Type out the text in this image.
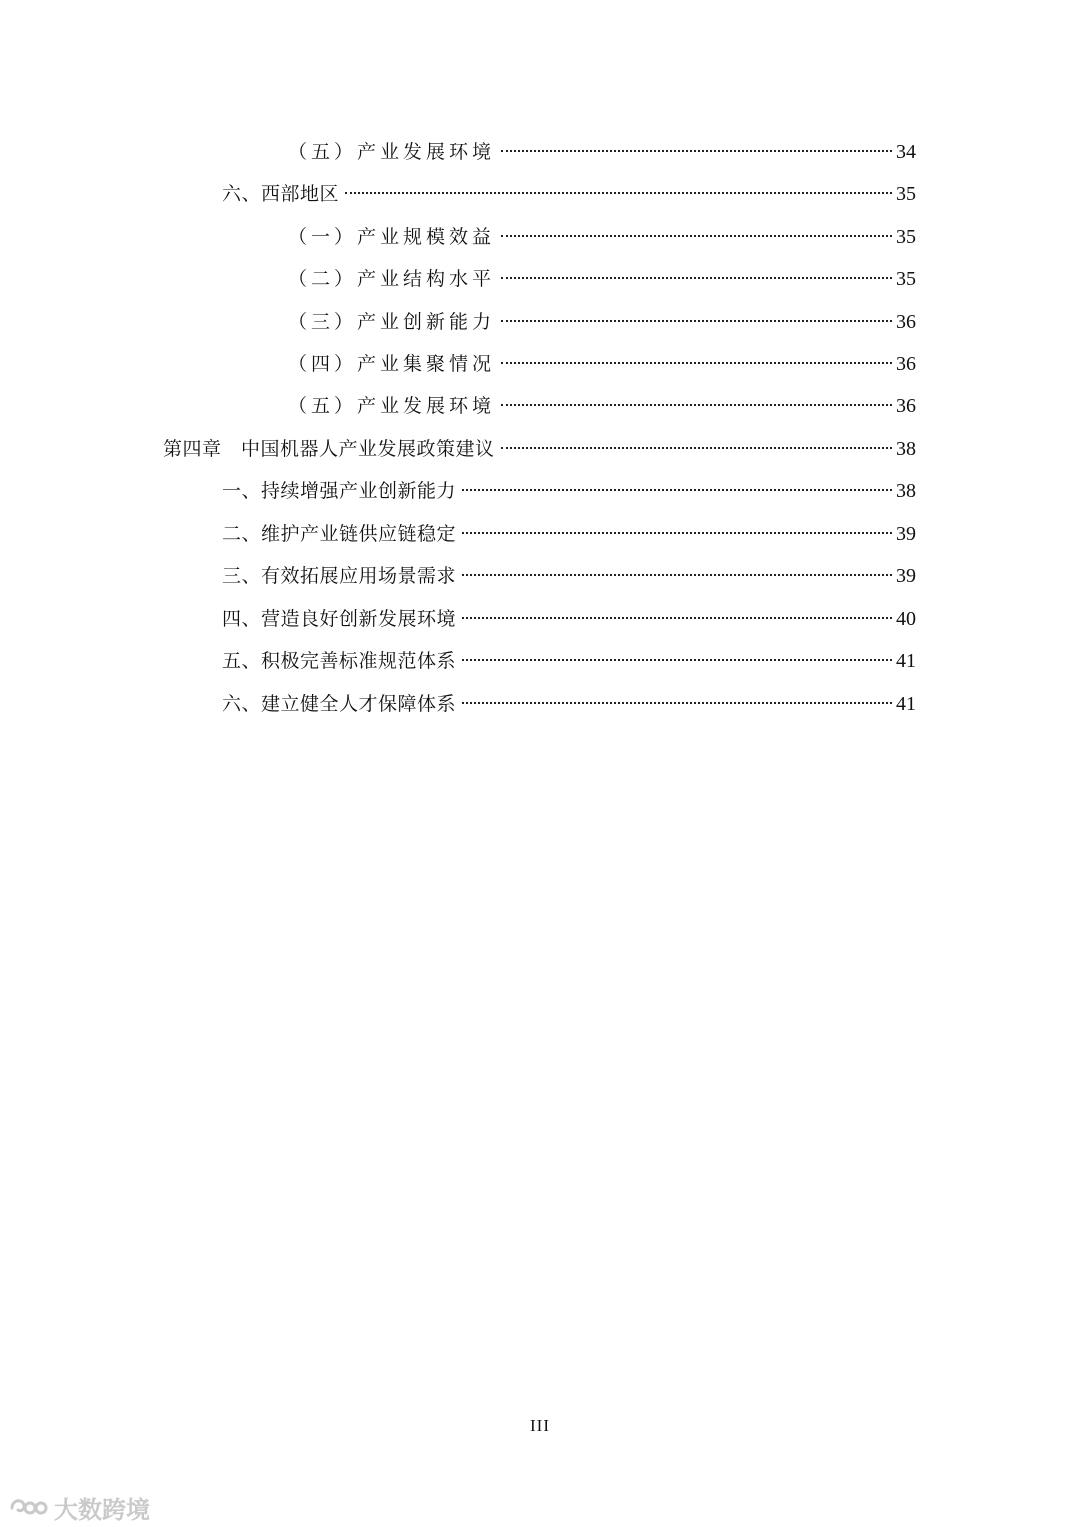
（五）产业发展环境	34
六、西部地区	35
（一）产业规模效益	35
（二）产业结构水平	35
（三）产业创新能力	36
（四）产业集聚情况	36
（五）产业发展环境	36
第四章　中国机器人产业发展政策建议	38
一、持续增强产业创新能力	38
二、维护产业链供应链稳定	39
三、有效拓展应用场景需求	39
四、营造良好创新发展环境	40
五、积极完善标准规范体系	41
六、建立健全人才保障体系	41
III
大数跨境
